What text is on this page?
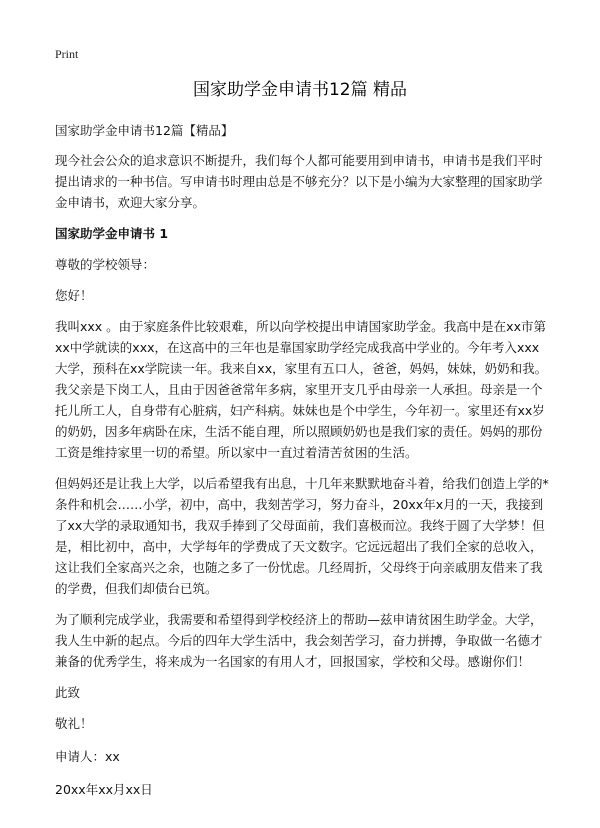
Print
国家助学金申请书12篇 精品

国家助学金申请书12篇【精品】

现今社会公众的追求意识不断提升，我们每个人都可能要用到申请书，申请书是我们平时提出请求的一种书信。写申请书时理由总是不够充分？以下是小编为大家整理的国家助学金申请书，欢迎大家分享。

国家助学金申请书 1

尊敬的学校领导：

您好！

我叫xxx 。由于家庭条件比较艰难，所以向学校提出申请国家助学金。我高中是在xx市第xx中学就读的xxx，在这高中的三年也是靠国家助学经完成我高中学业的。今年考入xxx大学，预科在xx学院读一年。我来自xx，家里有五口人，爸爸，妈妈，妹妹，奶奶和我。我父亲是下岗工人，且由于因爸爸常年多病，家里开支几乎由母亲一人承担。母亲是一个托儿所工人，自身带有心脏病，妇产科病。妹妹也是个中学生，今年初一。家里还有xx岁的奶奶，因多年病卧在床，生活不能自理，所以照顾奶奶也是我们家的责任。妈妈的那份工资是维持家里一切的希望。所以家中一直过着清苦贫困的生活。

但妈妈还是让我上大学，以后希望我有出息，十几年来默默地奋斗着，给我们创造上学的*条件和机会……小学，初中，高中，我刻苦学习，努力奋斗，20xx年x月的一天，我接到了xx大学的录取通知书，我双手捧到了父母面前，我们喜极而泣。我终于圆了大学梦！但是，相比初中，高中，大学每年的学费成了天文数字。它远远超出了我们全家的总收入，这让我们全家高兴之余，也随之多了一份忧虑。几经周折，父母终于向亲戚朋友借来了我的学费，但我们却债台已筑。

为了顺利完成学业，我需要和希望得到学校经济上的帮助—兹申请贫困生助学金。大学，我人生中新的起点。今后的四年大学生活中，我会刻苦学习，奋力拼搏，争取做一名德才兼备的优秀学生，将来成为一名国家的有用人才，回报国家，学校和父母。感谢你们！

此致

敬礼！

申请人：xx

20xx年xx月xx日
